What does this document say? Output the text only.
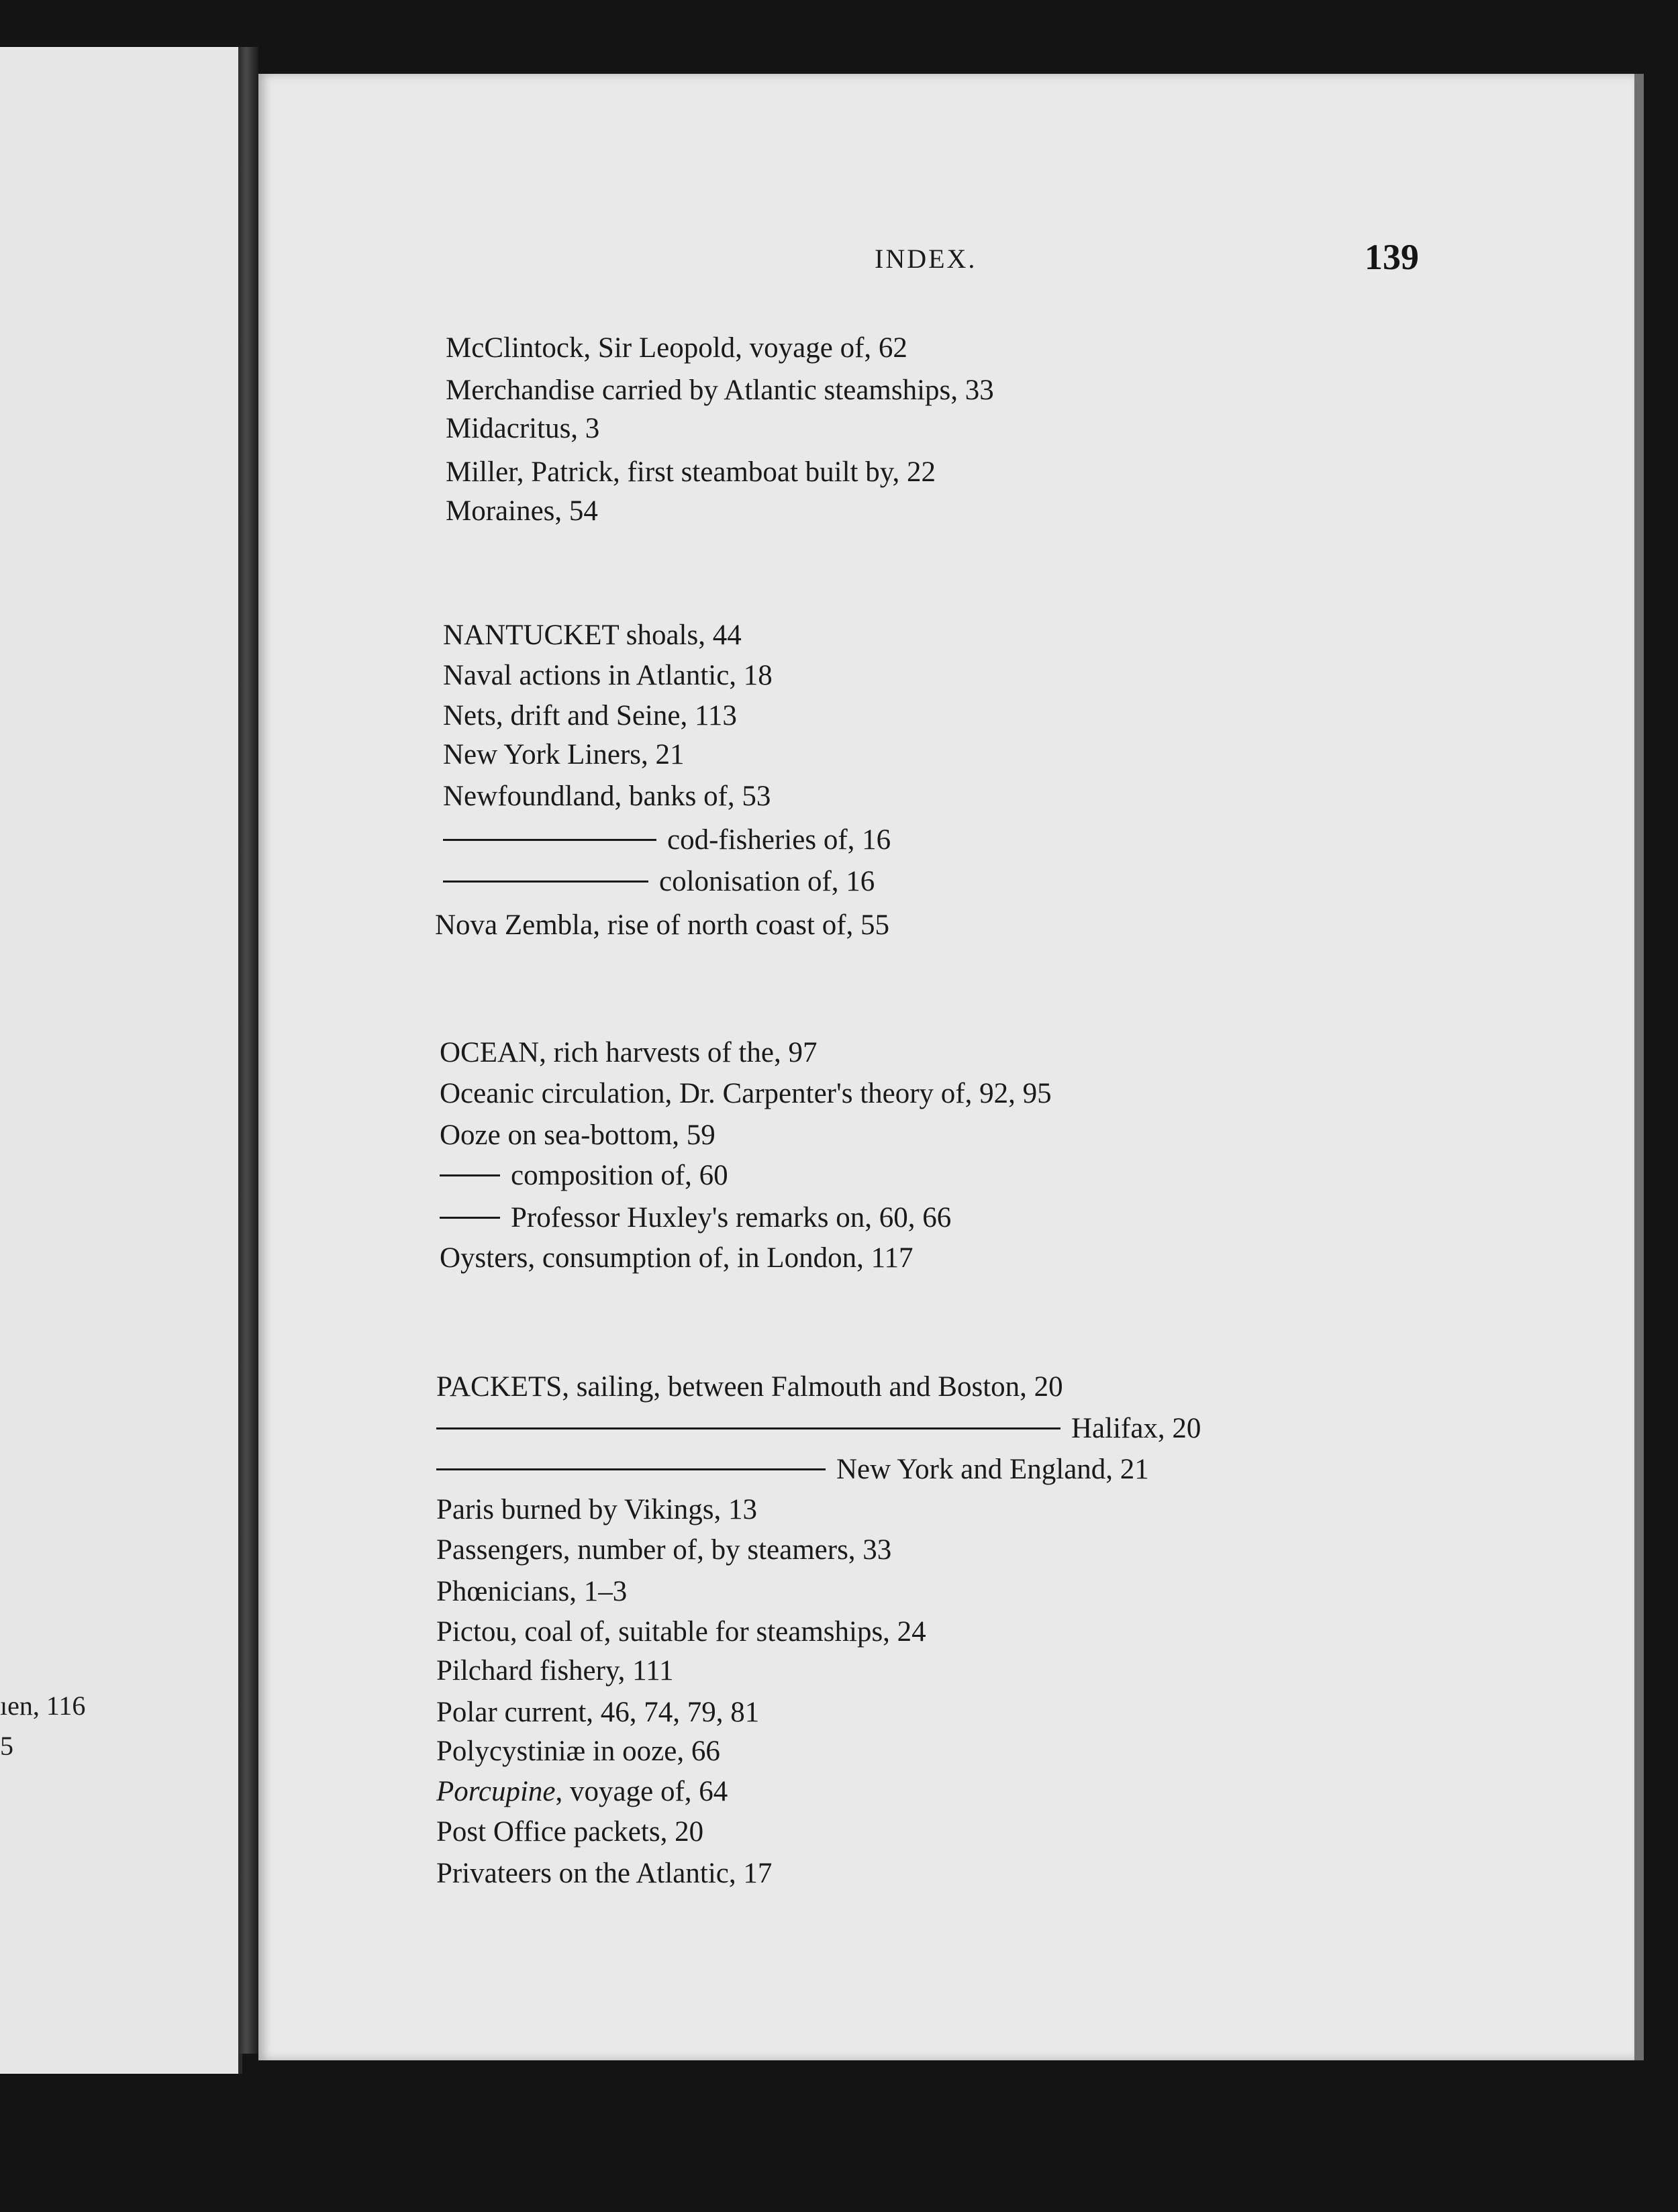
ıen, 116
5
INDEX.	139
McClintock, Sir Leopold, voyage of, 62
Merchandise carried by Atlantic steamships, 33
Midacritus, 3
Miller, Patrick, first steamboat built by, 22
Moraines, 54
NANTUCKET shoals, 44
Naval actions in Atlantic, 18
Nets, drift and Seine, 113
New York Liners, 21
Newfoundland, banks of, 53
cod-fisheries of, 16
colonisation of, 16
Nova Zembla, rise of north coast of, 55
OCEAN, rich harvests of the, 97
Oceanic circulation, Dr. Carpenter's theory of, 92, 95
Ooze on sea-bottom, 59
composition of, 60
Professor Huxley's remarks on, 60, 66
Oysters, consumption of, in London, 117
PACKETS, sailing, between Falmouth and Boston, 20
Halifax, 20
New York and England, 21
Paris burned by Vikings, 13
Passengers, number of, by steamers, 33
Phœnicians, 1–3
Pictou, coal of, suitable for steamships, 24
Pilchard fishery, 111
Polar current, 46, 74, 79, 81
Polycystiniæ in ooze, 66
Porcupine, voyage of, 64
Post Office packets, 20
Privateers on the Atlantic, 17
